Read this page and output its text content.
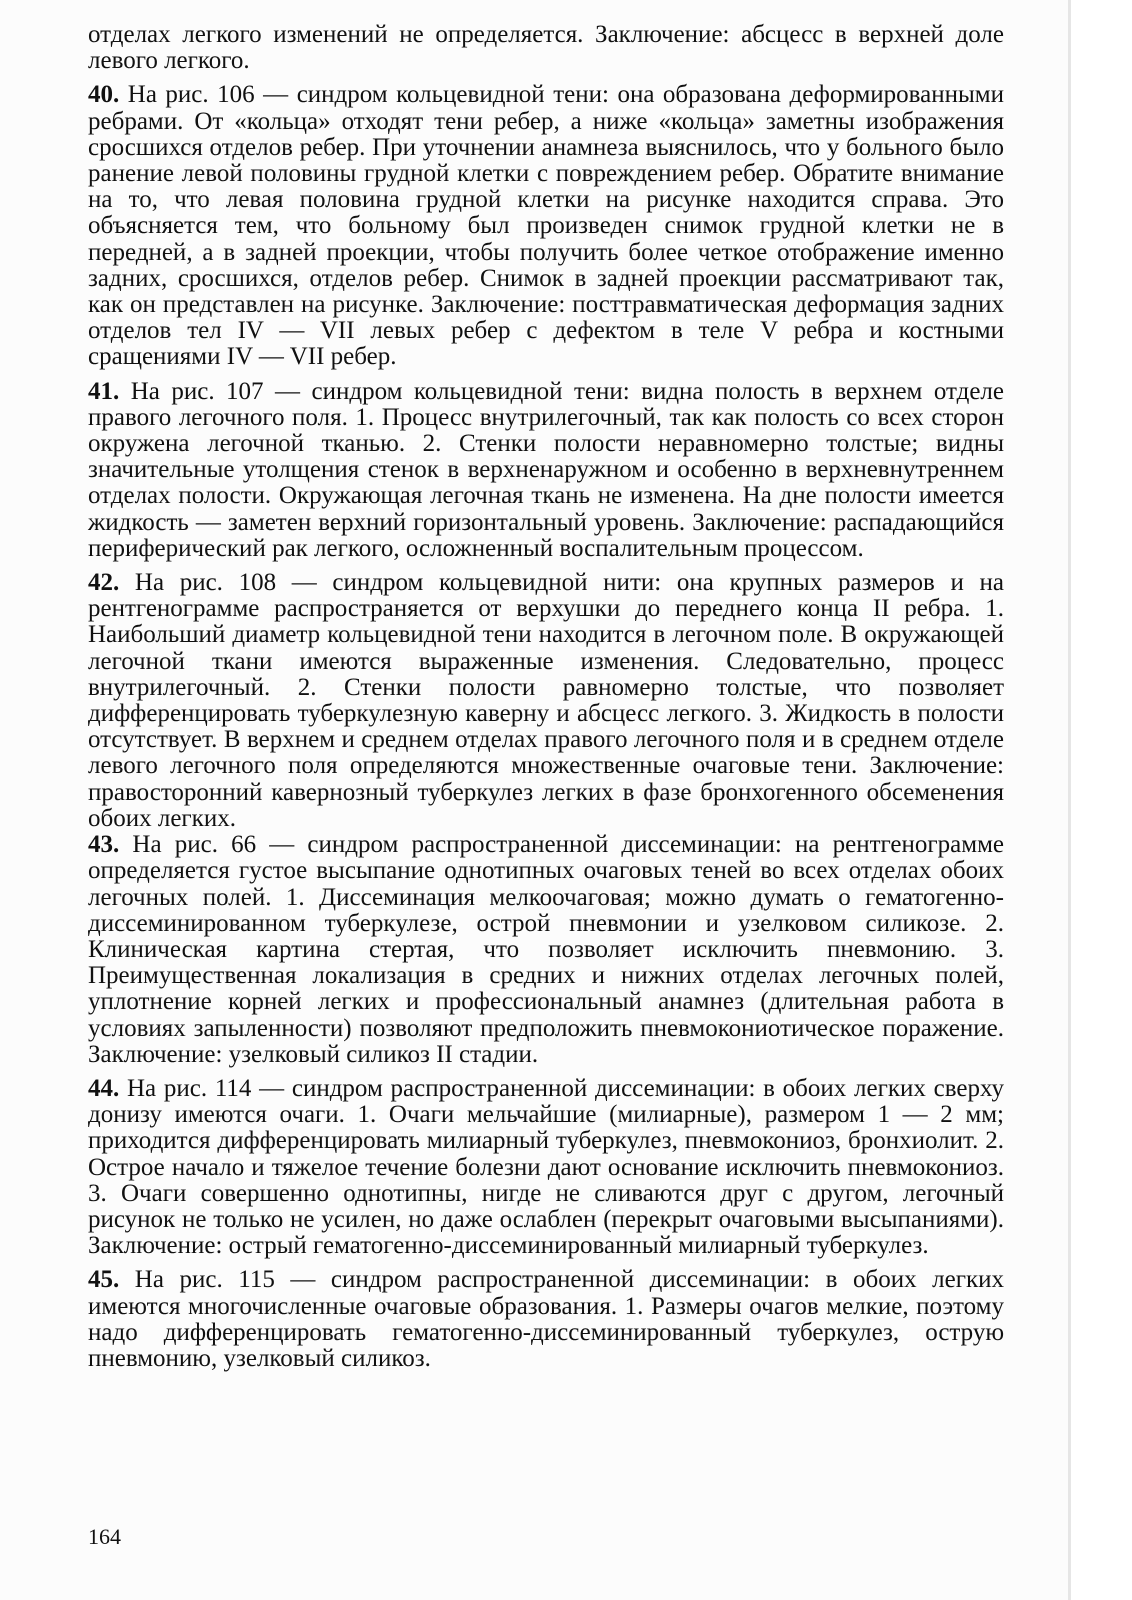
отделах легкого изменений не определяется. Заключение: абсцесс в верхней доле левого легкого.

40. На рис. 106 — синдром кольцевидной тени: она образована деформированными ребрами. От «кольца» отходят тени ребер, а ниже «кольца» заметны изображения сросшихся отделов ребер. При уточнении анамнеза выяснилось, что у больного было ранение левой половины грудной клетки с повреждением ребер. Обратите внимание на то, что левая половина грудной клетки на рисунке находится справа. Это объясняется тем, что больному был произведен снимок грудной клетки не в передней, а в задней проекции, чтобы получить более четкое отображение именно задних, сросшихся, отделов ребер. Снимок в задней проекции рассматривают так, как он представлен на рисунке. Заключение: посттравматическая деформация задних отделов тел IV — VII левых ребер с дефектом в теле V ребра и костными сращениями IV — VII ребер.

41. На рис. 107 — синдром кольцевидной тени: видна полость в верхнем отделе правого легочного поля. 1. Процесс внутрилегочный, так как полость со всех сторон окружена легочной тканью. 2. Стенки полости неравномерно толстые; видны значительные утолщения стенок в верхненаружном и особенно в верхневнутреннем отделах полости. Окружающая легочная ткань не изменена. На дне полости имеется жидкость — заметен верхний горизонтальный уровень. Заключение: распадающийся периферический рак легкого, осложненный воспалительным процессом.

42. На рис. 108 — синдром кольцевидной нити: она крупных размеров и на рентгенограмме распространяется от верхушки до переднего конца II ребра. 1. Наибольший диаметр кольцевидной тени находится в легочном поле. В окружающей легочной ткани имеются выраженные изменения. Следовательно, процесс внутрилегочный. 2. Стенки полости равномерно толстые, что позволяет дифференцировать туберкулезную каверну и абсцесс легкого. 3. Жидкость в полости отсутствует. В верхнем и среднем отделах правого легочного поля и в среднем отделе левого легочного поля определяются множественные очаговые тени. Заключение: правосторонний кавернозный туберкулез легких в фазе бронхогенного обсеменения обоих легких.

43. На рис. 66 — синдром распространенной диссеминации: на рентгенограмме определяется густое высыпание однотипных очаговых теней во всех отделах обоих легочных полей. 1. Диссеминация мелкоочаговая; можно думать о гематогенно-диссеминированном туберкулезе, острой пневмонии и узелковом силикозе. 2. Клиническая картина стертая, что позволяет исключить пневмонию. 3. Преимущественная локализация в средних и нижних отделах легочных полей, уплотнение корней легких и профессиональный анамнез (длительная работа в условиях запыленности) позволяют предположить пневмокониотическое поражение. Заключение: узелковый силикоз II стадии.

44. На рис. 114 — синдром распространенной диссеминации: в обоих легких сверху донизу имеются очаги. 1. Очаги мельчайшие (милиарные), размером 1 — 2 мм; приходится дифференцировать милиарный туберкулез, пневмокониоз, бронхиолит. 2. Острое начало и тяжелое течение болезни дают основание исключить пневмокониоз. 3. Очаги совершенно однотипны, нигде не сливаются друг с другом, легочный рисунок не только не усилен, но даже ослаблен (перекрыт очаговыми высыпаниями). Заключение: острый гематогенно-диссеминированный милиарный туберкулез.

45. На рис. 115 — синдром распространенной диссеминации: в обоих легких имеются многочисленные очаговые образования. 1. Размеры очагов мелкие, поэтому надо дифференцировать гематогенно-диссеминированный туберкулез, острую пневмонию, узелковый силикоз.

164
